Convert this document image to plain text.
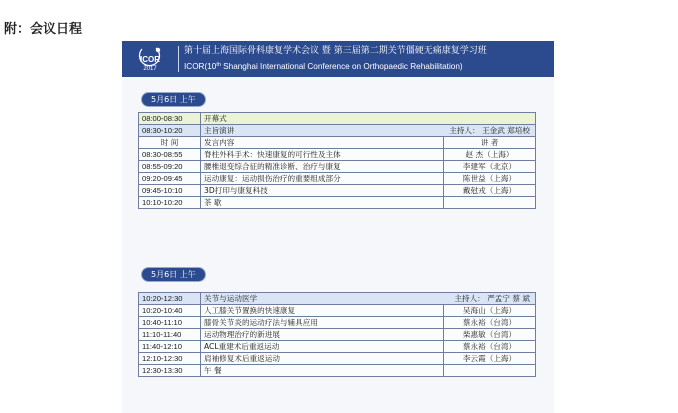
附：会议日程
ICOR
2017
第十届上海国际骨科康复学术会议 暨 第三届第二期关节僵硬无痛康复学习班
ICOR(10th Shanghai International Conference on Orthopaedic Rehabilitation)
5月6日 上午
08:00-08:30	开幕式	
08:30-10:20	主旨演讲 主持人： 王金武 郑培校	

时 间	发言内容	讲 者
08:30-08:55	脊柱外科手术：快速康复的可行性及主体	赵 杰（上海）
08:55-09:20	腰椎退变综合征的精准诊断、治疗与康复	李建军（北京）
09:20-09:45	运动康复：运动损伤治疗的重要组成部分	陈世益（上海）
09:45-10:10	3D打印与康复科技	戴尅戎（上海）
10:10-10:20	茶 歇	
5月6日 上午
10:20-12:30	关节与运动医学 主持人： 严孟宁 蔡 斌	

10:20-10:40	人工膝关节置换的快速康复	吴海山（上海）
10:40-11:10	膝骨关节炎的运动疗法与辅具应用	蔡永裕（台湾）
11:10-11:40	运动物理治疗的新进展	柴惠敏（台湾）
11:40-12:10	ACL重建术后重返运动	蔡永裕（台湾）
12:10-12:30	肩袖修复术后重返运动	李云霞（上海）
12:30-13:30	午 餐	
